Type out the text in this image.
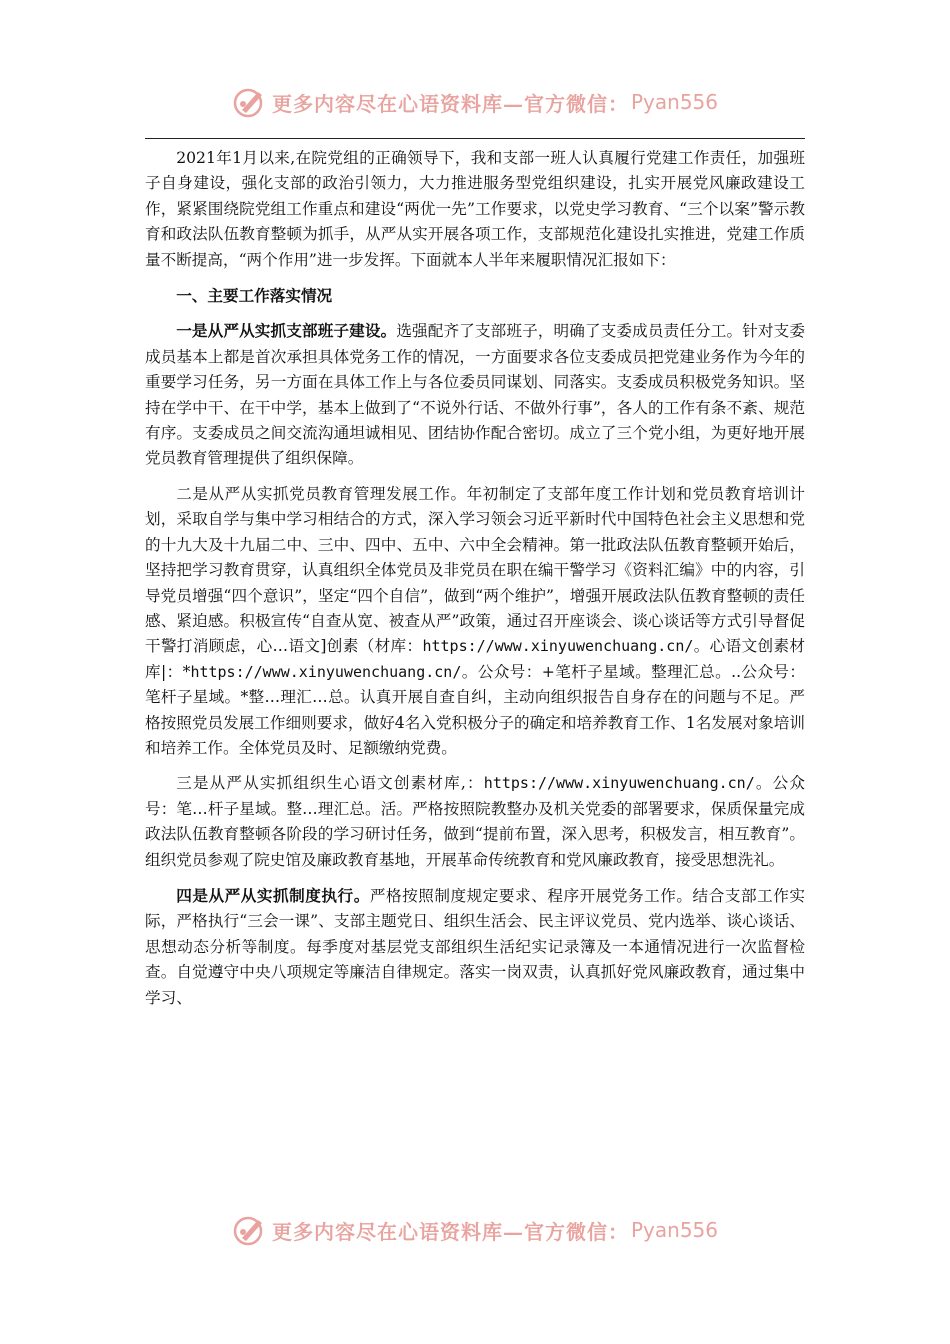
更多内容尽在心语资料库—官方微信： Pyan556

2021年1月以来,在院党组的正确领导下，我和支部一班人认真履行党建工作责任，加强班子自身建设，强化支部的政治引领力，大力推进服务型党组织建设，扎实开展党风廉政建设工作，紧紧围绕院党组工作重点和建设“两优一先”工作要求，以党史学习教育、“三个以案”警示教育和政法队伍教育整顿为抓手，从严从实开展各项工作，支部规范化建设扎实推进，党建工作质量不断提高，“两个作用”进一步发挥。下面就本人半年来履职情况汇报如下：

一、主要工作落实情况

一是从严从实抓支部班子建设。选强配齐了支部班子，明确了支委成员责任分工。针对支委成员基本上都是首次承担具体党务工作的情况，一方面要求各位支委成员把党建业务作为今年的重要学习任务，另一方面在具体工作上与各位委员同谋划、同落实。支委成员积极党务知识。坚持在学中干、在干中学，基本上做到了“不说外行话、不做外行事”，各人的工作有条不紊、规范有序。支委成员之间交流沟通坦诚相见、团结协作配合密切。成立了三个党小组，为更好地开展党员教育管理提供了组织保障。

二是从严从实抓党员教育管理发展工作。年初制定了支部年度工作计划和党员教育培训计划，采取自学与集中学习相结合的方式，深入学习领会习近平新时代中国特色社会主义思想和党的十九大及十九届二中、三中、四中、五中、六中全会精神。第一批政法队伍教育整顿开始后，坚持把学习教育贯穿，认真组织全体党员及非党员在职在编干警学习《资料汇编》中的内容，引导党员增强“四个意识”，坚定“四个自信”，做到“两个维护”，增强开展政法队伍教育整顿的责任感、紧迫感。积极宣传“自查从宽、被查从严”政策，通过召开座谈会、谈心谈话等方式引导督促干警打消顾虑，心…语文]创素（材库：https://www.xinyuwenchuang.cn/。心语文创素材库|：*https://www.xinyuwenchuang.cn/。公众号：+笔杆子星域。整理汇总。..公众号：笔杆子星域。*整…理汇…总。认真开展自查自纠，主动向组织报告自身存在的问题与不足。严格按照党员发展工作细则要求，做好4名入党积极分子的确定和培养教育工作、1名发展对象培训和培养工作。全体党员及时、足额缴纳党费。

三是从严从实抓组织生心语文创素材库,：https://www.xinyuwenchuang.cn/。公众号：笔…杆子星域。整…理汇总。活。严格按照院教整办及机关党委的部署要求，保质保量完成政法队伍教育整顿各阶段的学习研讨任务，做到“提前布置，深入思考，积极发言，相互教育”。组织党员参观了院史馆及廉政教育基地，开展革命传统教育和党风廉政教育，接受思想洗礼。

四是从严从实抓制度执行。严格按照制度规定要求、程序开展党务工作。结合支部工作实际，严格执行“三会一课”、支部主题党日、组织生活会、民主评议党员、党内选举、谈心谈话、思想动态分析等制度。每季度对基层党支部组织生活纪实记录簿及一本通情况进行一次监督检查。自觉遵守中央八项规定等廉洁自律规定。落实一岗双责，认真抓好党风廉政教育，通过集中学习、

更多内容尽在心语资料库—官方微信： Pyan556
